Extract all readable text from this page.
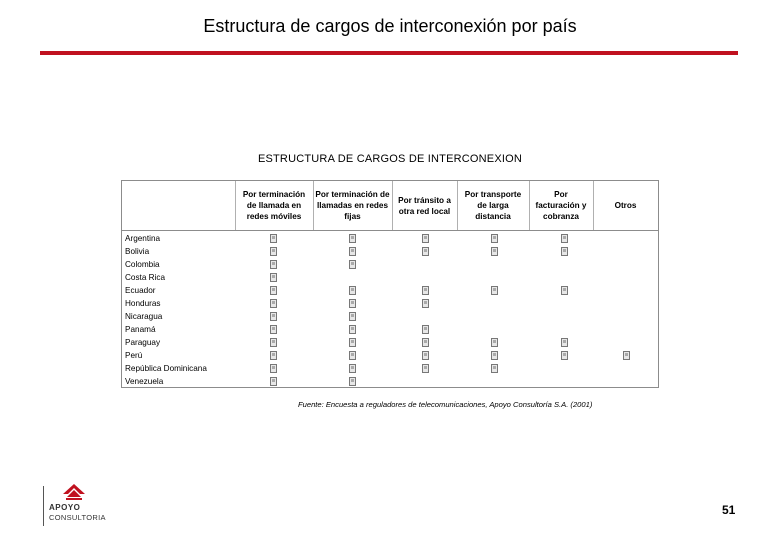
Estructura de cargos de interconexión por país
ESTRUCTURA DE CARGOS DE INTERCONEXION
Por terminación de llamada en redes móviles
Por terminación de llamadas en redes fijas
Por tránsito a otra red local
Por transporte de larga distancia
Por facturación y cobranza
Otros
Argentina
Bolivia
Colombia
Costa Rica
Ecuador
Honduras
Nicaragua
Panamá
Paraguay
Perú
República Dominicana
Venezuela
Fuente: Encuesta a reguladores de telecomunicaciones, Apoyo Consultoría S.A. (2001)
APOYO
CONSULTORIA
51
